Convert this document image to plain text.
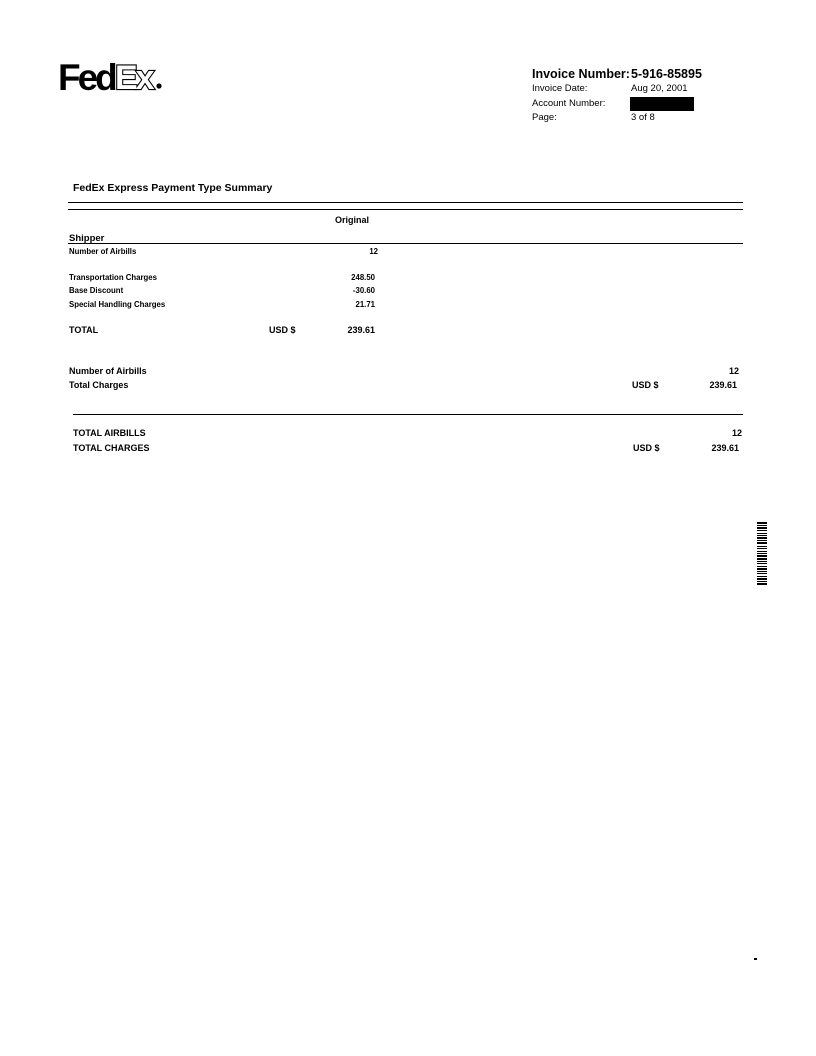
Fed Ex	Invoice Number: 5-916-85895
Invoice Date:	Aug 20, 2001
Account Number:
Page:	3 of 8
FedEx Express Payment Type Summary
Original
Shipper
Number of Airbills	12
Transportation Charges	248.50
Base Discount	-30.60
Special Handling Charges	21.71
TOTAL	USD $	239.61
Number of Airbills	12
Total Charges	USD $	239.61
TOTAL AIRBILLS	12
TOTAL CHARGES	USD $	239.61
